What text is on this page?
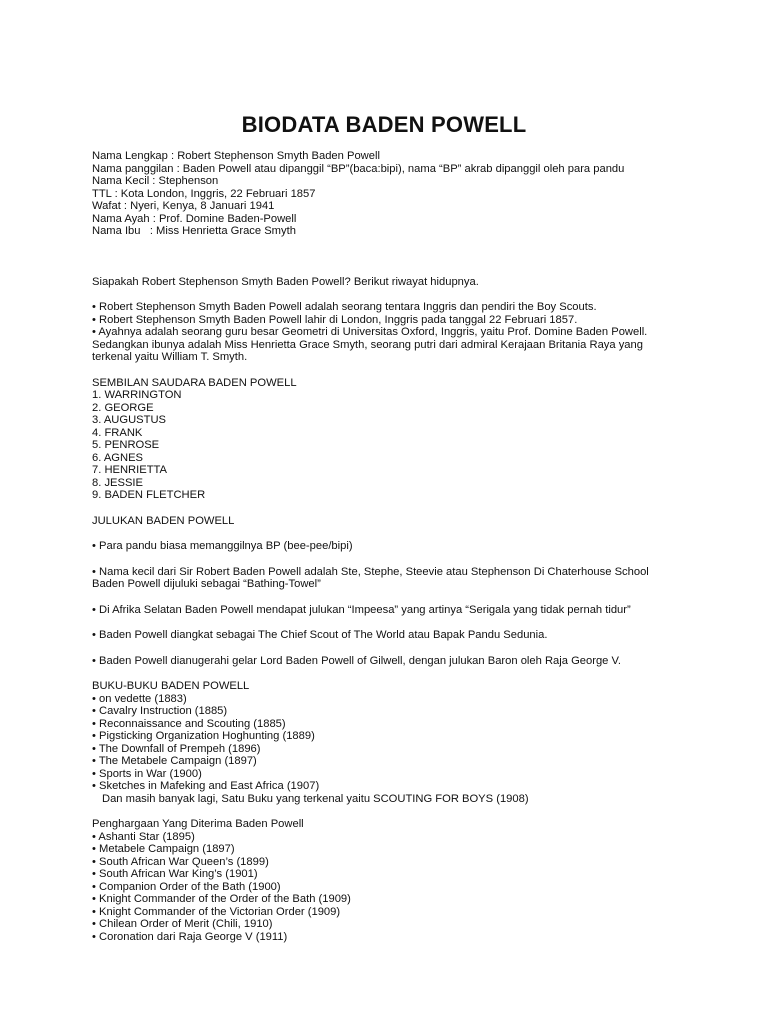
BIODATA BADEN POWELL
Nama Lengkap : Robert Stephenson Smyth Baden Powell
Nama panggilan : Baden Powell atau dipanggil “BP”(baca:bipi), nama “BP” akrab dipanggil oleh para pandu
Nama Kecil : Stephenson
TTL : Kota London, Inggris, 22 Februari 1857
Wafat : Nyeri, Kenya, 8 Januari 1941
Nama Ayah : Prof. Domine Baden-Powell
Nama Ibu   : Miss Henrietta Grace Smyth
Siapakah Robert Stephenson Smyth Baden Powell? Berikut riwayat hidupnya.
• Robert Stephenson Smyth Baden Powell adalah seorang tentara Inggris dan pendiri the Boy Scouts.
• Robert Stephenson Smyth Baden Powell lahir di London, Inggris pada tanggal 22 Februari 1857.
• Ayahnya adalah seorang guru besar Geometri di Universitas Oxford, Inggris, yaitu Prof. Domine Baden Powell.
Sedangkan ibunya adalah Miss Henrietta Grace Smyth, seorang putri dari admiral Kerajaan Britania Raya yang
terkenal yaitu William T. Smyth.
SEMBILAN SAUDARA BADEN POWELL
1. WARRINGTON
2. GEORGE
3. AUGUSTUS
4. FRANK
5. PENROSE
6. AGNES
7. HENRIETTA
8. JESSIE
9. BADEN FLETCHER
JULUKAN BADEN POWELL
• Para pandu biasa memanggilnya BP (bee-pee/bipi)
• Nama kecil dari Sir Robert Baden Powell adalah Ste, Stephe, Steevie atau Stephenson Di Chaterhouse School
Baden Powell dijuluki sebagai “Bathing-Towel”
• Di Afrika Selatan Baden Powell mendapat julukan “Impeesa” yang artinya “Serigala yang tidak pernah tidur”
• Baden Powell diangkat sebagai The Chief Scout of The World atau Bapak Pandu Sedunia.
• Baden Powell dianugerahi gelar Lord Baden Powell of Gilwell, dengan julukan Baron oleh Raja George V.
BUKU-BUKU BADEN POWELL
• on vedette (1883)
• Cavalry Instruction (1885)
• Reconnaissance and Scouting (1885)
• Pigsticking Organization Hoghunting (1889)
• The Downfall of Prempeh (1896)
• The Metabele Campaign (1897)
• Sports in War (1900)
• Sketches in Mafeking and East Africa (1907)
Dan masih banyak lagi, Satu Buku yang terkenal yaitu SCOUTING FOR BOYS (1908)
Penghargaan Yang Diterima Baden Powell
• Ashanti Star (1895)
• Metabele Campaign (1897)
• South African War Queen’s (1899)
• South African War King’s (1901)
• Companion Order of the Bath (1900)
• Knight Commander of the Order of the Bath (1909)
• Knight Commander of the Victorian Order (1909)
• Chilean Order of Merit (Chili, 1910)
• Coronation dari Raja George V (1911)
